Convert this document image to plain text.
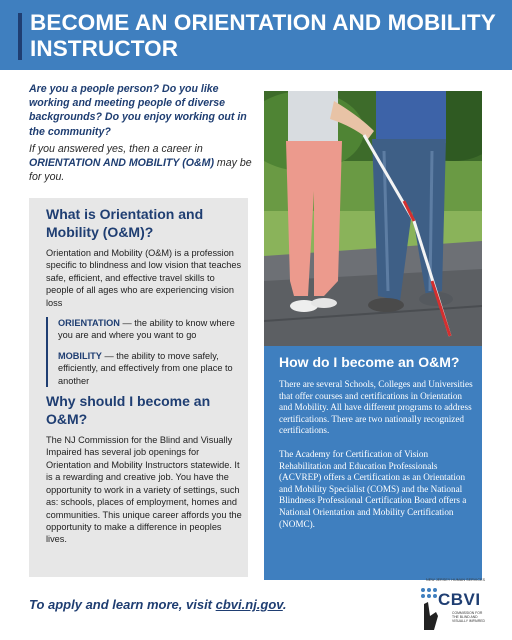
BECOME AN ORIENTATION AND MOBILITY INSTRUCTOR

Are you a people person? Do you like working and meeting people of diverse backgrounds? Do you enjoy working out in the community?

If you answered yes, then a career in ORIENTATION AND MOBILITY (O&M) may be for you.

What is Orientation and Mobility (O&M)?

Orientation and Mobility (O&M) is a profession specific to blindness and low vision that teaches safe, efficient, and effective travel skills to people of all ages who are experiencing vision loss

ORIENTATION — the ability to know where you are and where you want to go

MOBILITY — the ability to move safely, efficiently, and effectively from one place to another

Why should I become an O&M?

The NJ Commission for the Blind and Visually Impaired has several job openings for Orientation and Mobility Instructors statewide. It is a rewarding and creative job. You have the opportunity to work in a variety of settings, such as: schools, places of employment, homes and communities. This unique career affords you the opportunity to make a difference in peoples lives.

How do I become an O&M?

There are several Schools, Colleges and Universities that offer courses and certifications in Orientation and Mobility. All have different programs to address certifications. There are two nationally recognized certifications.

The Academy for Certification of Vision Rehabilitation and Education Professionals (ACVREP) offers a Certification as an Orientation and Mobility Specialist (COMS) and the National Blindness Professional Certification Board offers a National Orientation and Mobility Certification (NOMC).

To apply and learn more, visit cbvi.nj.gov.
NEW JERSEY HUMAN SERVICES
CBVI
COMMISSION FOR THE BLIND AND VISUALLY IMPAIRED
